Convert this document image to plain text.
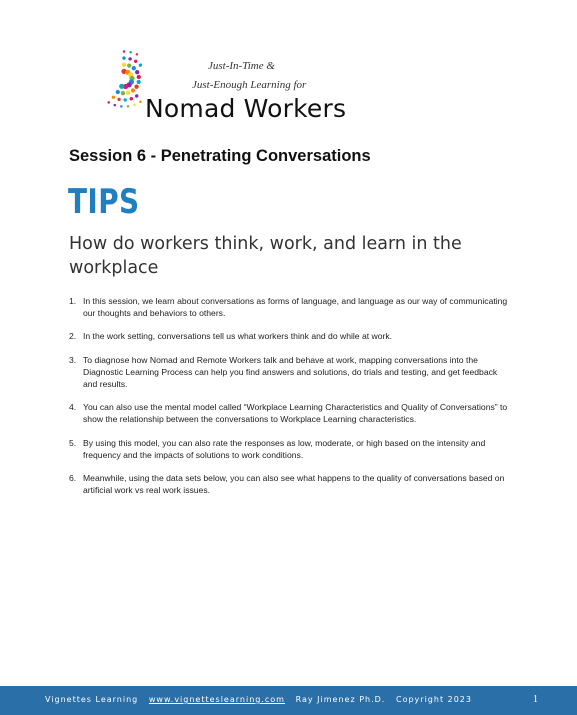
Just-In-Time &
Just-Enough Learning for
Nomad Workers
Session 6 - Penetrating Conversations
TIPS
How do workers think, work, and learn in the workplace
1. In this session, we learn about conversations as forms of language, and language as our way of communicating our thoughts and behaviors to others.
2. In the work setting, conversations tell us what workers think and do while at work.
3. To diagnose how Nomad and Remote Workers talk and behave at work, mapping conversations into the Diagnostic Learning Process can help you find answers and solutions, do trials and testing, and get feedback and results.
4. You can also use the mental model called “Workplace Learning Characteristics and Quality of Conversations” to show the relationship between the conversations to Workplace Learning characteristics.
5. By using this model, you can also rate the responses as low, moderate, or high based on the intensity and frequency and the impacts of solutions to work conditions.
6. Meanwhile, using the data sets below, you can also see what happens to the quality of conversations based on artificial work vs real work issues.
Vignettes Learning www.vignetteslearning.com Ray Jimenez Ph.D. Copyright 2023	1
